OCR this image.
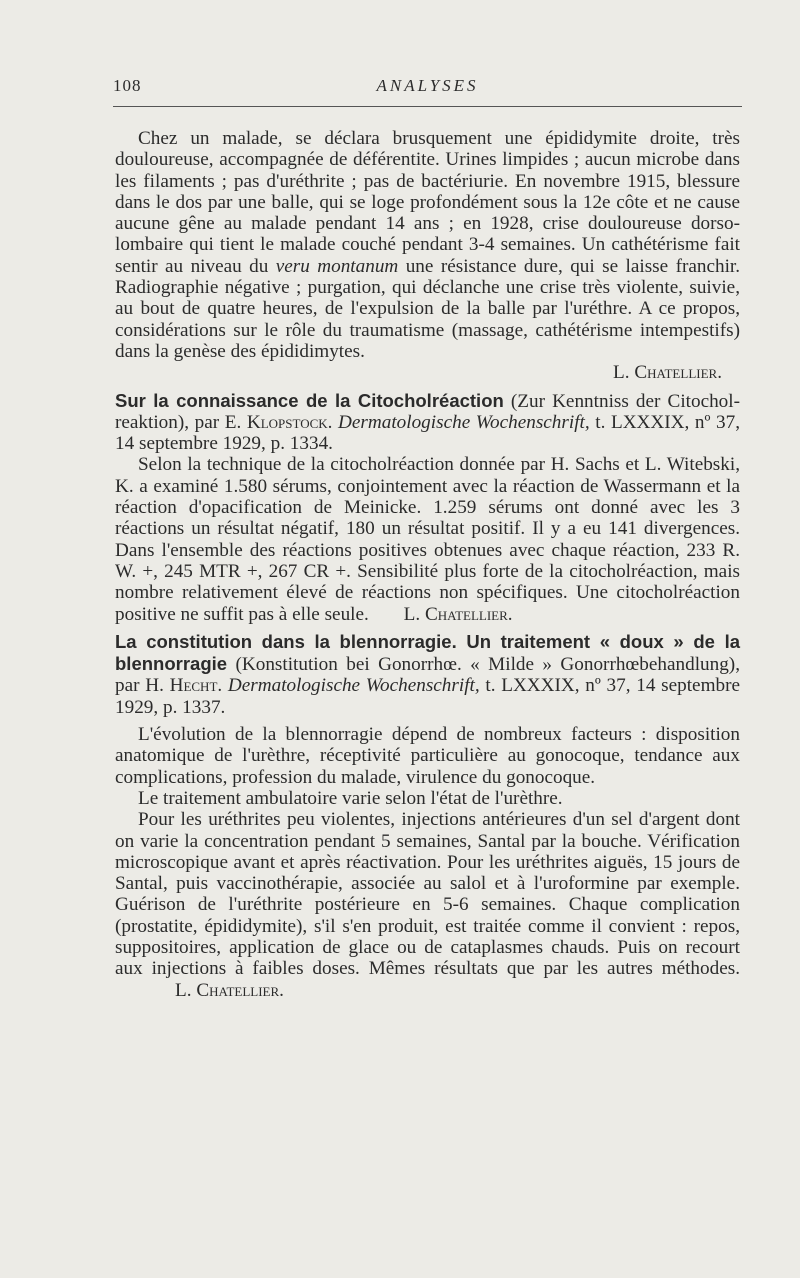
108	ANALYSES

Chez un malade, se déclara brusquement une épididymite droite, très douloureuse, accompagnée de déférentite. Urines limpides ; aucun microbe dans les filaments ; pas d'uréthrite ; pas de bactériurie. En novembre 1915, blessure dans le dos par une balle, qui se loge profondément sous la 12e côte et ne cause aucune gêne au malade pendant 14 ans ; en 1928, crise douloureuse dorso-lombaire qui tient le malade couché pendant 3-4 semaines. Un cathétérisme fait sentir au niveau du veru montanum une résistance dure, qui se laisse franchir. Radiographie négative ; purgation, qui déclanche une crise très violente, suivie, au bout de quatre heures, de l'expulsion de la balle par l'uréthre. A ce propos, considérations sur le rôle du traumatisme (massage, cathétérisme intempestifs) dans la genèse des épididimytes.

L. Chatellier.

Sur la connaissance de la Citocholréaction (Zur Kenntniss der Citochol-reaktion), par E. Klopstock. Dermatologische Wochenschrift, t. LXXXIX, nº 37, 14 septembre 1929, p. 1334.

Selon la technique de la citocholréaction donnée par H. Sachs et L. Witebski, K. a examiné 1.580 sérums, conjointement avec la réaction de Wassermann et la réaction d'opacification de Meinicke. 1.259 sérums ont donné avec les 3 réactions un résultat négatif, 180 un résultat positif. Il y a eu 141 divergences. Dans l'ensemble des réactions positives obtenues avec chaque réaction, 233 R. W. +, 245 MTR +, 267 CR +. Sensibilité plus forte de la citocholréaction, mais nombre relativement élevé de réactions non spécifiques. Une citocholréaction positive ne suffit pas à elle seule. L. Chatellier.

La constitution dans la blennorragie. Un traitement « doux » de la blennorragie (Konstitution bei Gonorrhœ. « Milde » Gonorrhœbehandlung), par H. Hecht. Dermatologische Wochenschrift, t. LXXXIX, nº 37, 14 septembre 1929, p. 1337.

L'évolution de la blennorragie dépend de nombreux facteurs : disposition anatomique de l'urèthre, réceptivité particulière au gonocoque, tendance aux complications, profession du malade, virulence du gonocoque.

Le traitement ambulatoire varie selon l'état de l'urèthre.

Pour les uréthrites peu violentes, injections antérieures d'un sel d'argent dont on varie la concentration pendant 5 semaines, Santal par la bouche. Vérification microscopique avant et après réactivation. Pour les uréthrites aiguës, 15 jours de Santal, puis vaccinothérapie, associée au salol et à l'uroformine par exemple. Guérison de l'uréthrite postérieure en 5-6 semaines. Chaque complication (prostatite, épididymite), s'il s'en produit, est traitée comme il convient : repos, suppositoires, application de glace ou de cataplasmes chauds. Puis on recourt aux injections à faibles doses. Mêmes résultats que par les autres méthodes. L. Chatellier.
